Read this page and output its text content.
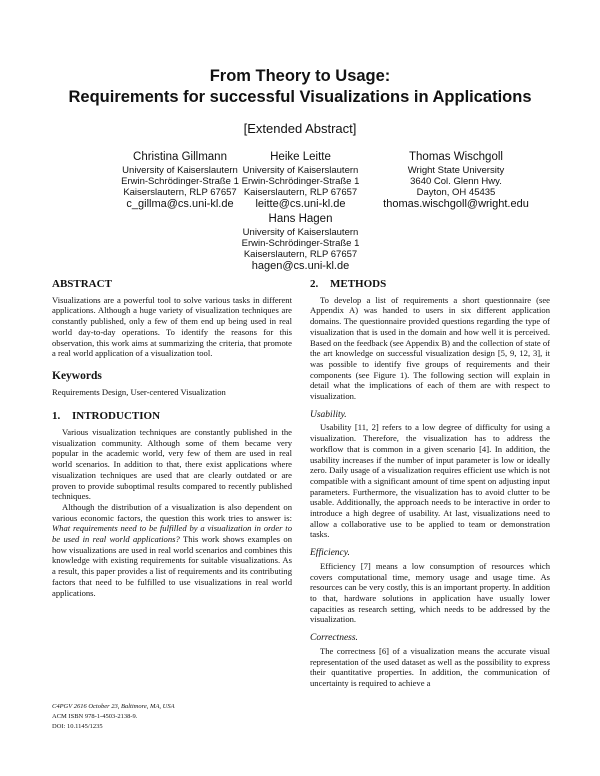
From Theory to Usage:
Requirements for successful Visualizations in Applications
[Extended Abstract]
Christina Gillmann
University of Kaiserslautern
Erwin-Schrödinger-Straße 1
Kaiserslautern, RLP 67657
c_gillma@cs.uni-kl.de
Heike Leitte
University of Kaiserslautern
Erwin-Schrödinger-Straße 1
Kaiserslautern, RLP 67657
leitte@cs.uni-kl.de
Thomas Wischgoll
Wright State University
3640 Col. Glenn Hwy.
Dayton, OH 45435
thomas.wischgoll@wright.edu
Hans Hagen
University of Kaiserslautern
Erwin-Schrödinger-Straße 1
Kaiserslautern, RLP 67657
hagen@cs.uni-kl.de
ABSTRACT

Visualizations are a powerful tool to solve various tasks in different applications. Although a huge variety of visualization techniques are constantly published, only a few of them end up being used in real world day-to-day operations. To identify the reasons for this observation, this work aims at summarizing the criteria, that promote a real world application of a visualization tool.

Keywords

Requirements Design, User-centered Visualization

1. INTRODUCTION

Various visualization techniques are constantly published in the visualization community. Although some of them became very popular in the academic world, very few of them are used in real world scenarios. In addition to that, there exist applications where visualization techniques are used that are clearly outdated or are proven to provide suboptimal results compared to recently published techniques.

Although the distribution of a visualization is also dependent on various economic factors, the question this work tries to answer is: What requirements need to be fulfilled by a visualization in order to be used in real world applications? This work shows examples on how visualizations are used in real world scenarios and combines this knowledge with existing requirements for suitable visualizations. As a result, this paper provides a list of requirements and its contributing factors that need to be fulfilled to use visualizations in real world applications.

C4PGV 2616 October 23, Baltimore, MA, USA
ACM ISBN 978-1-4503-2138-9.
DOI: 10.1145/1235
2. METHODS

To develop a list of requirements a short questionnaire (see Appendix A) was handed to users in six different application domains. The questionnaire provided questions regarding the type of visualization that is used in the domain and how well it is perceived. Based on the feedback (see Appendix B) and the collection of state of the art knowledge on successful visualization design [5, 9, 12, 3], it was possible to identify five groups of requirements and their components (see Figure 1). The following section will explain in detail what the implications of each of them are with respect to visualization.

Usability.

Usability [11, 2] refers to a low degree of difficulty for using a visualization. Therefore, the visualization has to address the workflow that is common in a given scenario [4]. In addition, the usability increases if the number of input parameter is low or ideally zero. Daily usage of a visualization requires efficient use which is not compatible with a significant amount of time spent on adjusting input parameters. Furthermore, the visualization has to avoid clutter to be usable. Additionally, the approach needs to be interactive in order to introduce a high degree of usability. At last, visualizations need to allow a collaborative use to be applied to team or demonstration tasks.

Efficiency.

Efficiency [7] means a low consumption of resources which covers computational time, memory usage and usage time. As resources can be very costly, this is an important property. In addition to that, hardware solutions in application have usually lower capacities as research setting, which needs to be addressed by the visualization.

Correctness.

The correctness [6] of a visualization means the accurate visual representation of the used dataset as well as the possibility to express their quantitative properties. In addition, the communication of uncertainty is required to achieve a
